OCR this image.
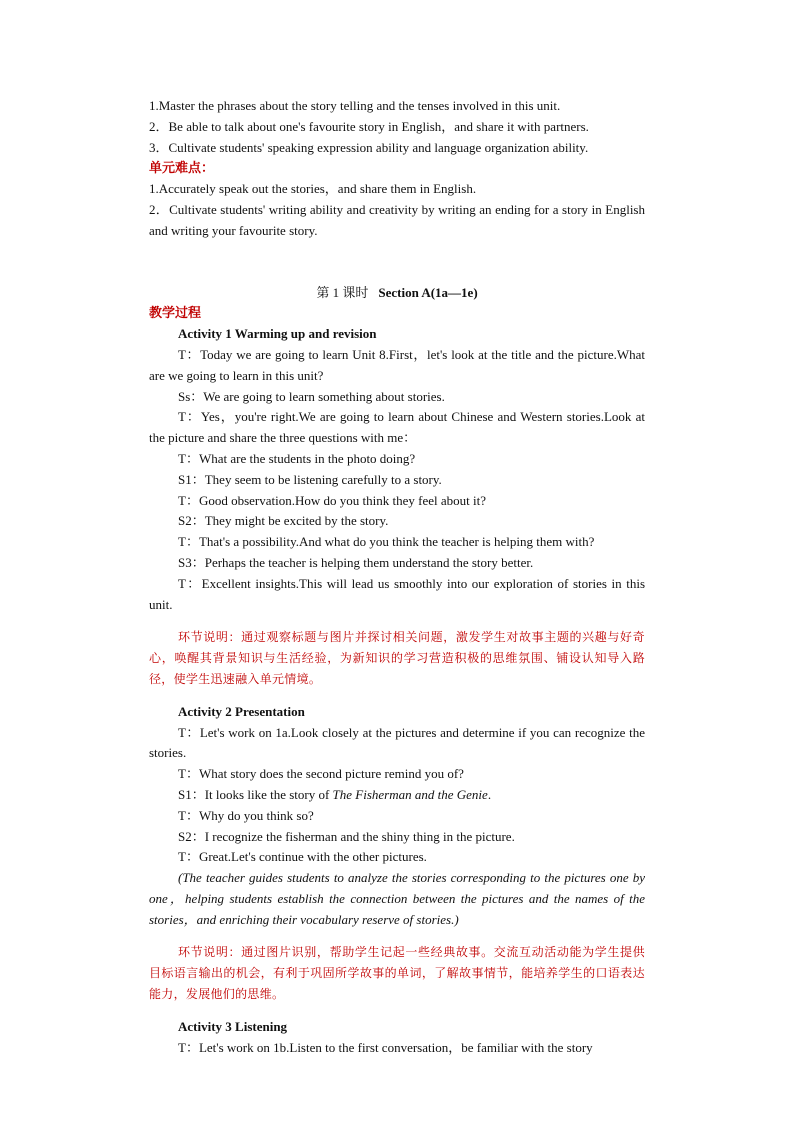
1.Master the phrases about the story telling and the tenses involved in this unit.

2．Be able to talk about one's favourite story in English，and share it with partners.

3．Cultivate students' speaking expression ability and language organization ability.

单元难点：

1.Accurately speak out the stories，and share them in English.

2．Cultivate students' writing ability and creativity by writing an ending for a story in English and writing your favourite story.

第 1 课时 Section A(1a—1e)

教学过程

Activity 1 Warming up and revision

T：Today we are going to learn Unit 8.First，let's look at the title and the picture.What are we going to learn in this unit?

Ss：We are going to learn something about stories.

T：Yes，you're right.We are going to learn about Chinese and Western stories.Look at the picture and share the three questions with me：

T：What are the students in the photo doing?

S1：They seem to be listening carefully to a story.

T：Good observation.How do you think they feel about it?

S2：They might be excited by the story.

T：That's a possibility.And what do you think the teacher is helping them with?

S3：Perhaps the teacher is helping them understand the story better.

T：Excellent insights.This will lead us smoothly into our exploration of stories in this unit.

环节说明：通过观察标题与图片并探讨相关问题，激发学生对故事主题的兴趣与好奇心，唤醒其背景知识与生活经验，为新知识的学习营造积极的思维氛围、铺设认知导入路径，使学生迅速融入单元情境。

Activity 2 Presentation

T：Let's work on 1a.Look closely at the pictures and determine if you can recognize the stories.

T：What story does the second picture remind you of?

S1：It looks like the story of The Fisherman and the Genie.

T：Why do you think so?

S2：I recognize the fisherman and the shiny thing in the picture.

T：Great.Let's continue with the other pictures.

(The teacher guides students to analyze the stories corresponding to the pictures one by one，helping students establish the connection between the pictures and the names of the stories，and enriching their vocabulary reserve of stories.)

环节说明：通过图片识别，帮助学生记起一些经典故事。交流互动活动能为学生提供目标语言输出的机会，有利于巩固所学故事的单词，了解故事情节，能培养学生的口语表达能力，发展他们的思维。

Activity 3 Listening

T：Let's work on 1b.Listen to the first conversation，be familiar with the story
